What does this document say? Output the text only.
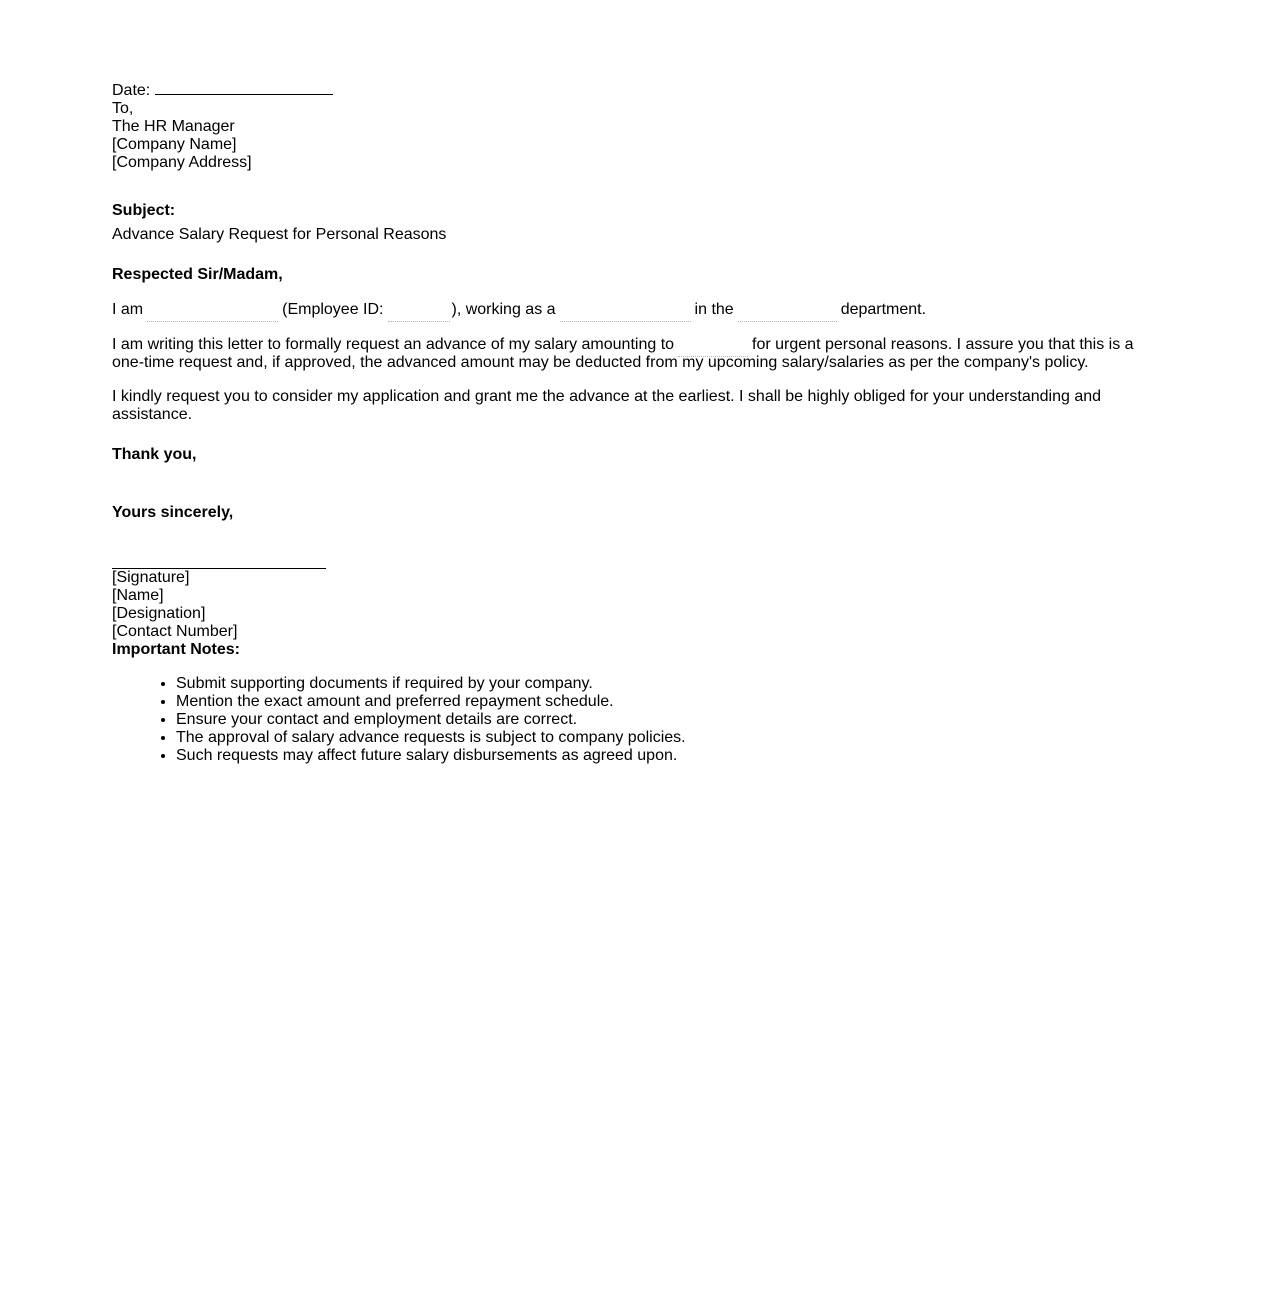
Date:
To,
The HR Manager
[Company Name]
[Company Address]
Subject:
Advance Salary Request for Personal Reasons
Respected Sir/Madam,
I am	(Employee ID:	), working as a	in the	department.
I am writing this letter to formally request an advance of my salary amounting to	for urgent personal reasons. I assure you that this is a one-time request and, if approved, the advanced amount may be deducted from my upcoming salary/salaries as per the company's policy.
I kindly request you to consider my application and grant me the advance at the earliest. I shall be highly obliged for your understanding and assistance.
Thank you,
Yours sincerely,
[Signature]
[Name]
[Designation]
[Contact Number]
Important Notes:
• Submit supporting documents if required by your company.
• Mention the exact amount and preferred repayment schedule.
• Ensure your contact and employment details are correct.
• The approval of salary advance requests is subject to company policies.
• Such requests may affect future salary disbursements as agreed upon.
